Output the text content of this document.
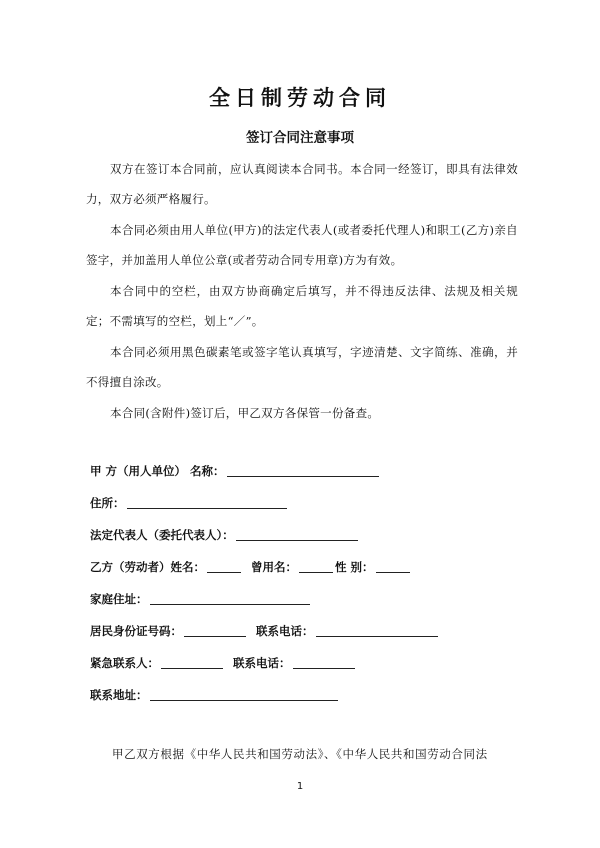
全日制劳动合同
签订合同注意事项

双方在签订本合同前，应认真阅读本合同书。本合同一经签订，即具有法律效力，双方必须严格履行。

本合同必须由用人单位(甲方)的法定代表人(或者委托代理人)和职工(乙方)亲自签字，并加盖用人单位公章(或者劳动合同专用章)方为有效。

本合同中的空栏，由双方协商确定后填写，并不得违反法律、法规及相关规定；不需填写的空栏，划上“／”。

本合同必须用黑色碳素笔或签字笔认真填写，字迹清楚、文字简练、准确，并不得擅自涂改。

本合同(含附件)签订后，甲乙双方各保管一份备查。

甲 方（用人单位） 名称：
住所：
法定代表人（委托代表人）：
乙方（劳动者）姓名：	曾用名：	性 别：
家庭住址：
居民身份证号码：	联系电话：
紧急联系人：	联系电话：
联系地址：
甲乙双方根据《中华人民共和国劳动法》、《中华人民共和国劳动合同法
1
